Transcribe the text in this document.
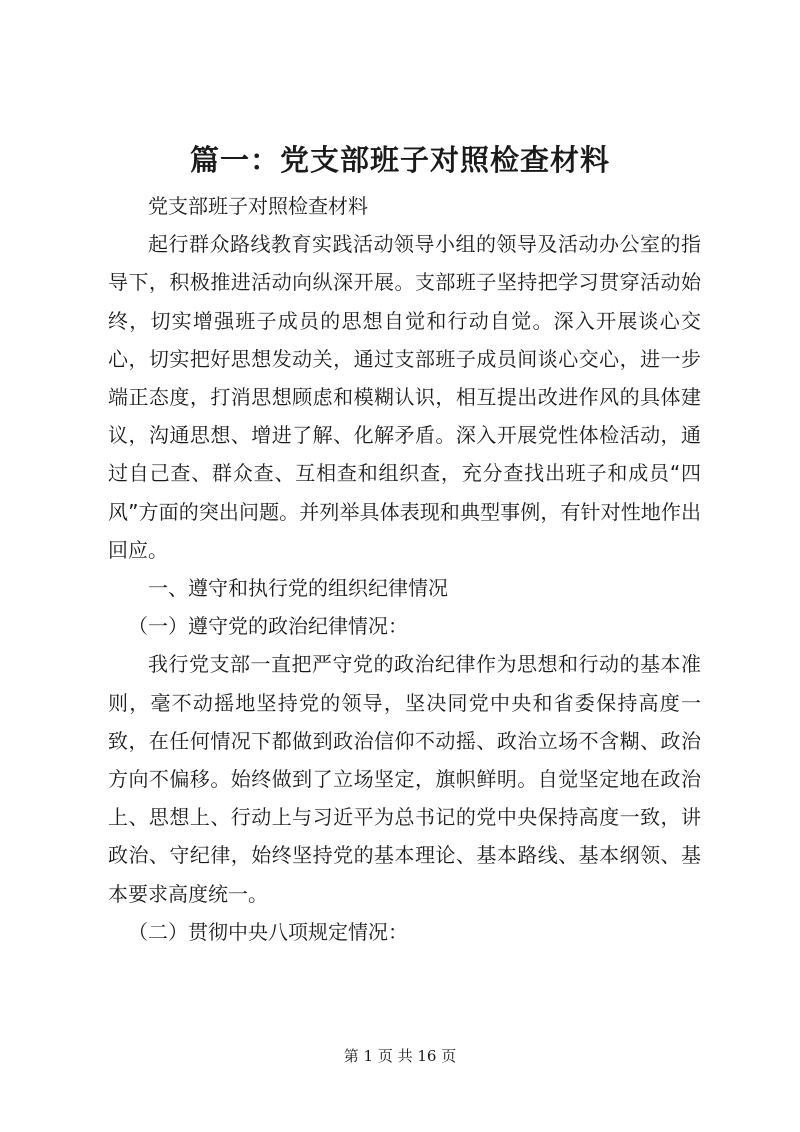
篇一：党支部班子对照检查材料

党支部班子对照检查材料

起行群众路线教育实践活动领导小组的领导及活动办公室的指导下，积极推进活动向纵深开展。支部班子坚持把学习贯穿活动始终，切实增强班子成员的思想自觉和行动自觉。深入开展谈心交心，切实把好思想发动关，通过支部班子成员间谈心交心，进一步端正态度，打消思想顾虑和模糊认识，相互提出改进作风的具体建议，沟通思想、增进了解、化解矛盾。深入开展党性体检活动，通过自己查、群众查、互相查和组织查，充分查找出班子和成员“四风”方面的突出问题。并列举具体表现和典型事例，有针对性地作出回应。

一、遵守和执行党的组织纪律情况

（一）遵守党的政治纪律情况：

我行党支部一直把严守党的政治纪律作为思想和行动的基本准则，毫不动摇地坚持党的领导，坚决同党中央和省委保持高度一致，在任何情况下都做到政治信仰不动摇、政治立场不含糊、政治方向不偏移。始终做到了立场坚定，旗帜鲜明。自觉坚定地在政治上、思想上、行动上与习近平为总书记的党中央保持高度一致，讲政治、守纪律，始终坚持党的基本理论、基本路线、基本纲领、基本要求高度统一。

（二）贯彻中央八项规定情况：

第 1 页 共 16 页
